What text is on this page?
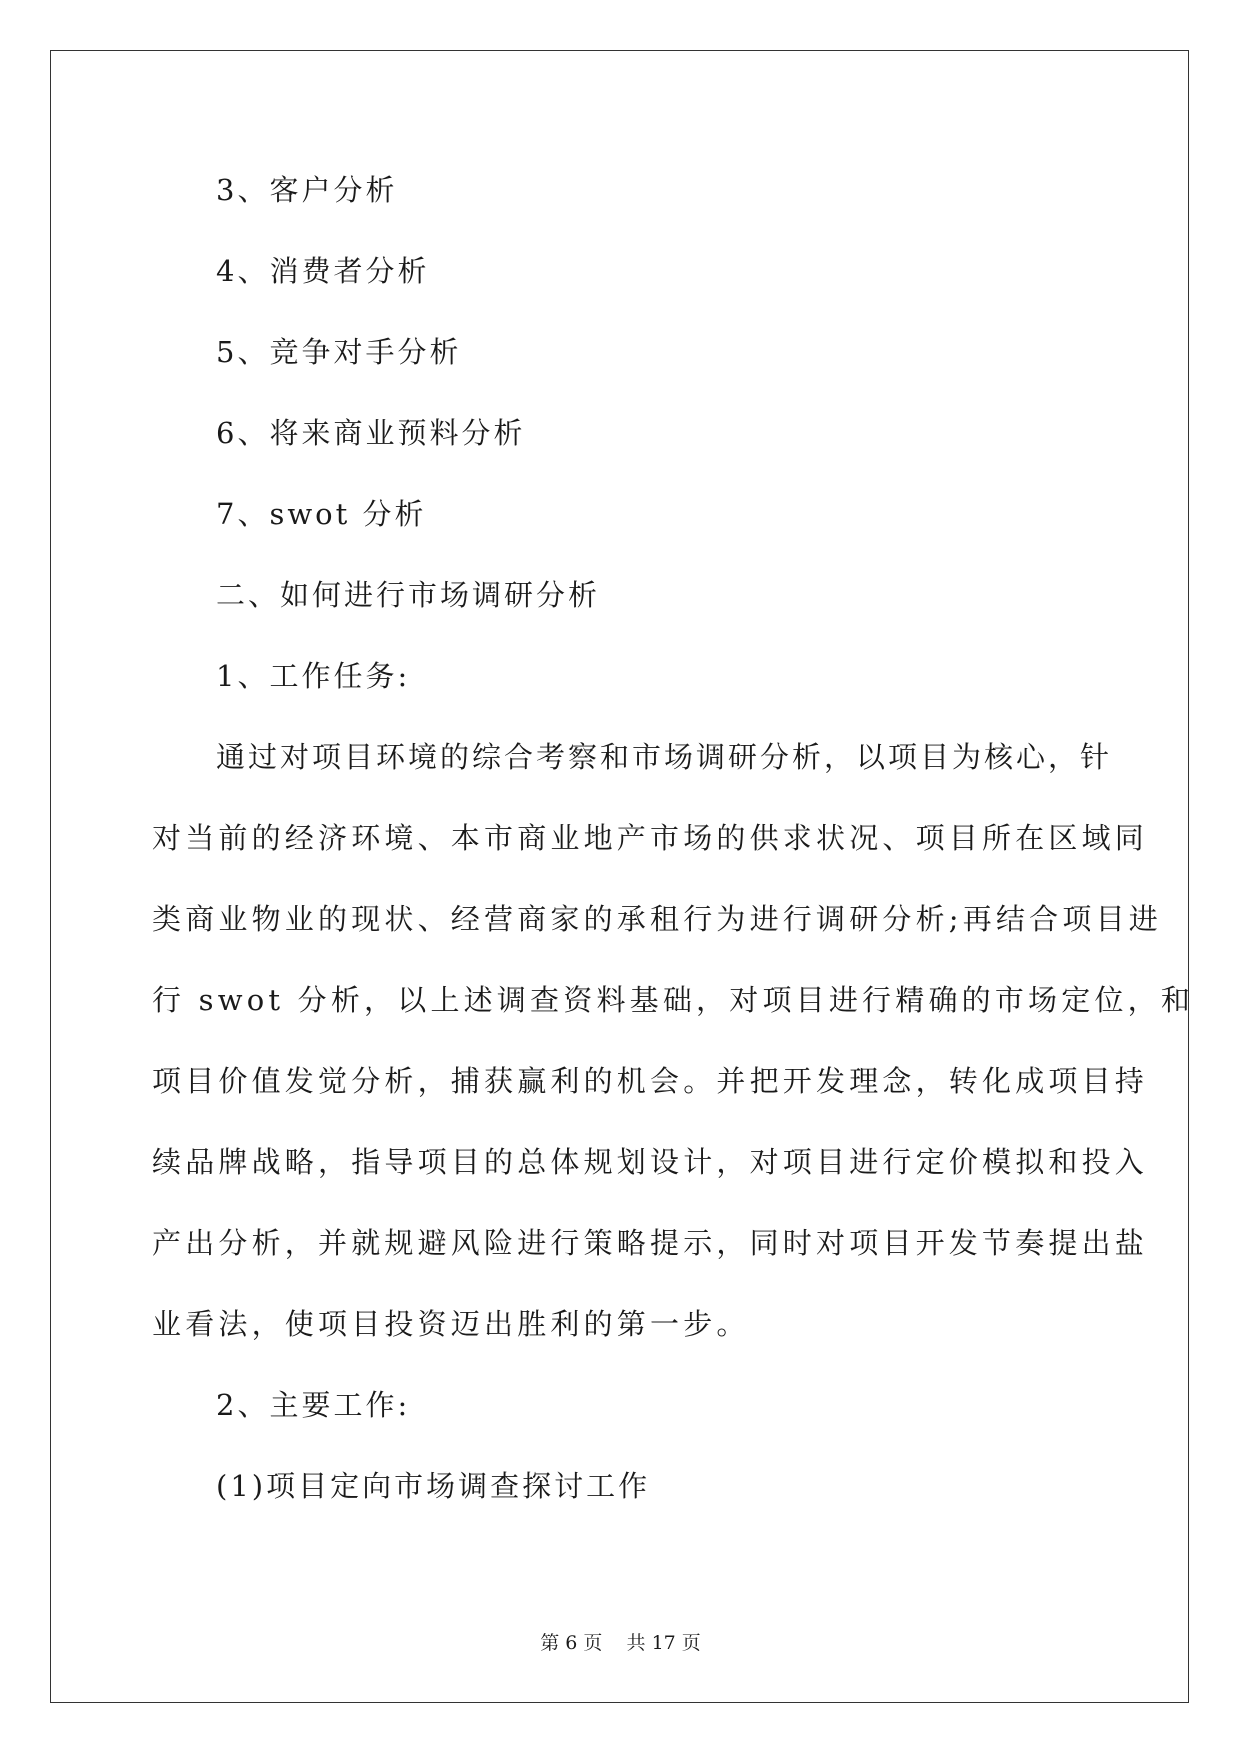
3、客户分析
4、消费者分析
5、竞争对手分析
6、将来商业预料分析
7、swot 分析
二、如何进行市场调研分析
1、工作任务:
通过对项目环境的综合考察和市场调研分析，以项目为核心，针
对当前的经济环境、本市商业地产市场的供求状况、项目所在区域同
类商业物业的现状、经营商家的承租行为进行调研分析;再结合项目进
行 swot 分析，以上述调查资料基础，对项目进行精确的市场定位，和
项目价值发觉分析，捕获赢利的机会。并把开发理念，转化成项目持
续品牌战略，指导项目的总体规划设计，对项目进行定价模拟和投入
产出分析，并就规避风险进行策略提示，同时对项目开发节奏提出盐
业看法，使项目投资迈出胜利的第一步。
2、主要工作:
(1)项目定向市场调查探讨工作
第 6 页    共 17 页
